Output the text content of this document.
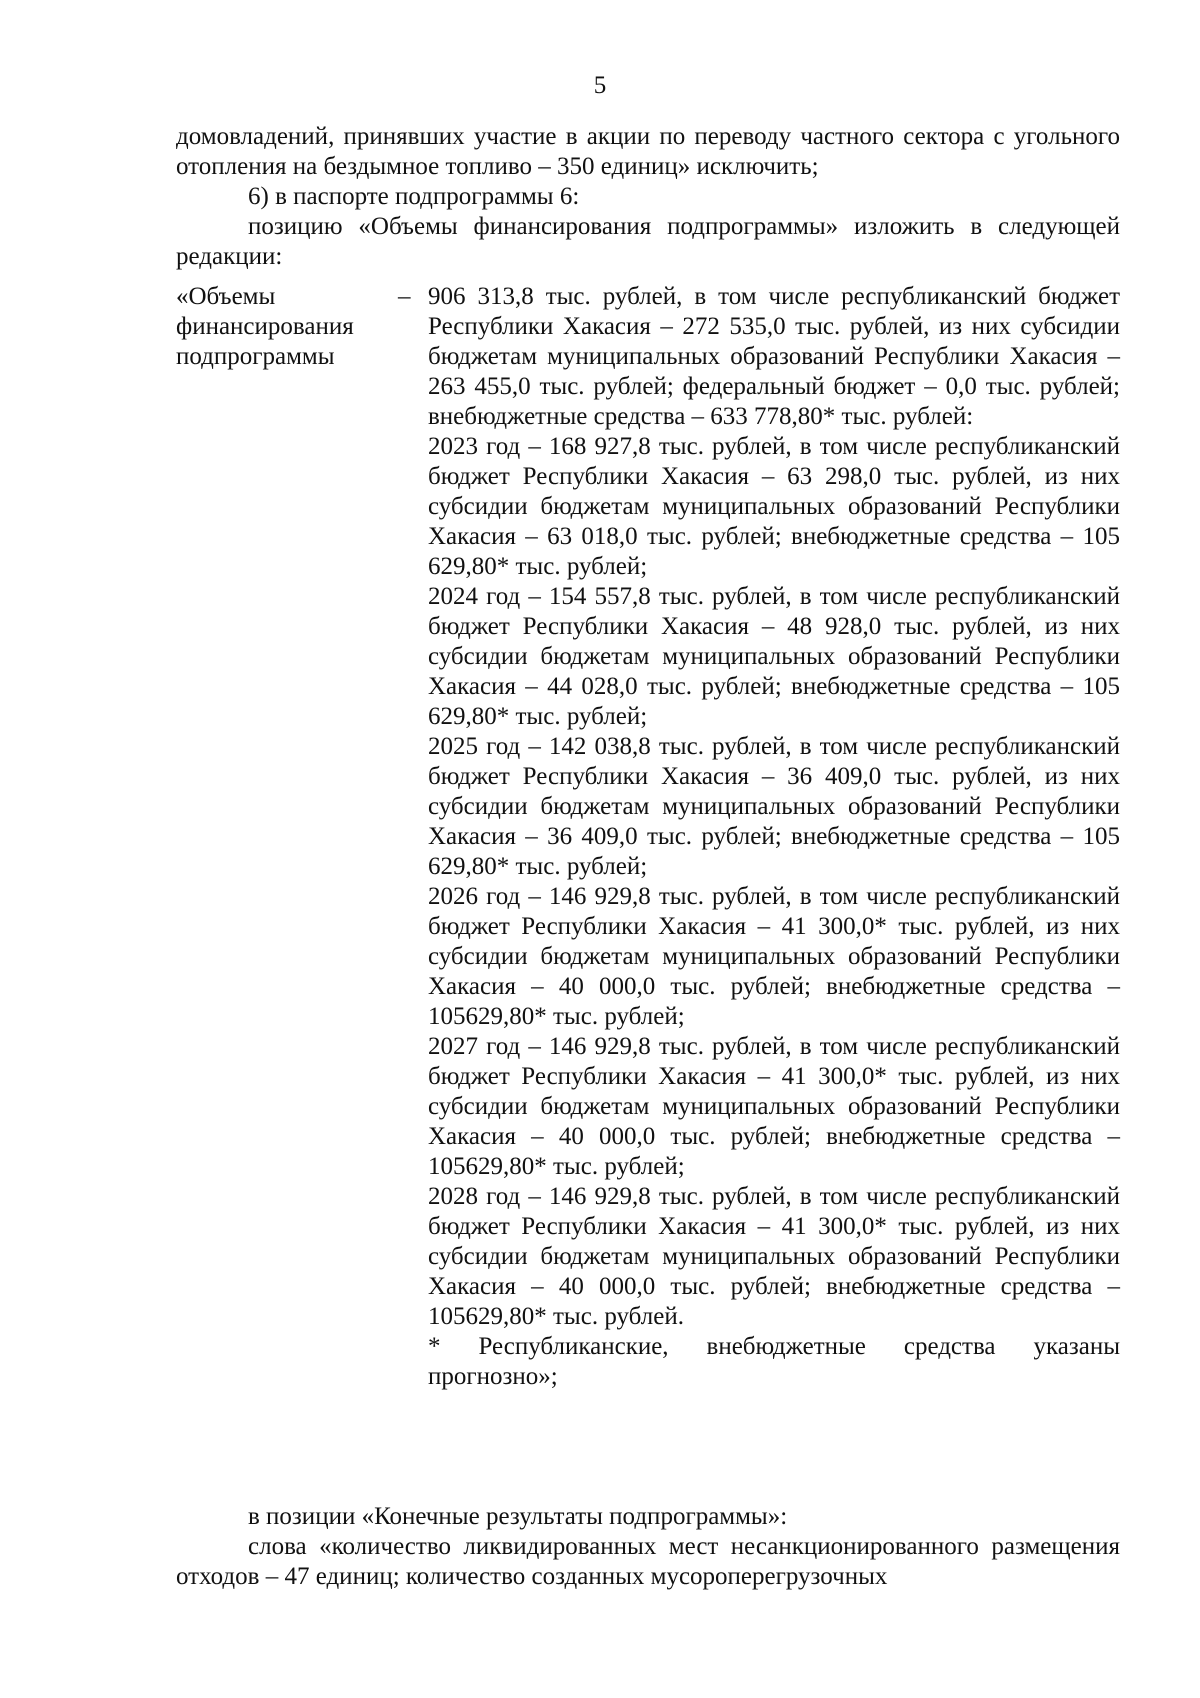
5

домовладений, принявших участие в акции по переводу частного сектора с угольного отопления на бездымное топливо – 350 единиц» исключить;

6) в паспорте подпрограммы 6:

позицию «Объемы финансирования подпрограммы» изложить в следующей редакции:

«Объемы финансирования подпрограммы
– 906 313,8 тыс. рублей, в том числе республиканский бюджет Республики Хакасия – 272 535,0 тыс. рублей, из них субсидии бюджетам муниципальных образований Республики Хакасия – 263 455,0 тыс. рублей; федеральный бюджет – 0,0 тыс. рублей; внебюджетные средства – 633 778,80* тыс. рублей:

2023 год – 168 927,8 тыс. рублей, в том числе республиканский бюджет Республики Хакасия – 63 298,0 тыс. рублей, из них субсидии бюджетам муниципальных образований Республики Хакасия – 63 018,0 тыс. рублей; внебюджетные средства – 105 629,80* тыс. рублей;

2024 год – 154 557,8 тыс. рублей, в том числе республиканский бюджет Республики Хакасия – 48 928,0 тыс. рублей, из них субсидии бюджетам муниципальных образований Республики Хакасия – 44 028,0 тыс. рублей; внебюджетные средства – 105 629,80* тыс. рублей;

2025 год – 142 038,8 тыс. рублей, в том числе республиканский бюджет Республики Хакасия – 36 409,0 тыс. рублей, из них субсидии бюджетам муниципальных образований Республики Хакасия – 36 409,0 тыс. рублей; внебюджетные средства – 105 629,80* тыс. рублей;

2026 год – 146 929,8 тыс. рублей, в том числе республиканский бюджет Республики Хакасия – 41 300,0* тыс. рублей, из них субсидии бюджетам муниципальных образований Республики Хакасия – 40 000,0 тыс. рублей; внебюджетные средства – 105629,80* тыс. рублей;

2027 год – 146 929,8 тыс. рублей, в том числе республиканский бюджет Республики Хакасия – 41 300,0* тыс. рублей, из них субсидии бюджетам муниципальных образований Республики Хакасия – 40 000,0 тыс. рублей; внебюджетные средства – 105629,80* тыс. рублей;

2028 год – 146 929,8 тыс. рублей, в том числе республиканский бюджет Республики Хакасия – 41 300,0* тыс. рублей, из них субсидии бюджетам муниципальных образований Республики Хакасия – 40 000,0 тыс. рублей; внебюджетные средства – 105629,80* тыс. рублей.

* Республиканские, внебюджетные средства указаны прогнозно»;

в позиции «Конечные результаты подпрограммы»:

слова «количество ликвидированных мест несанкционированного размещения отходов – 47 единиц; количество созданных мусороперегрузочных
